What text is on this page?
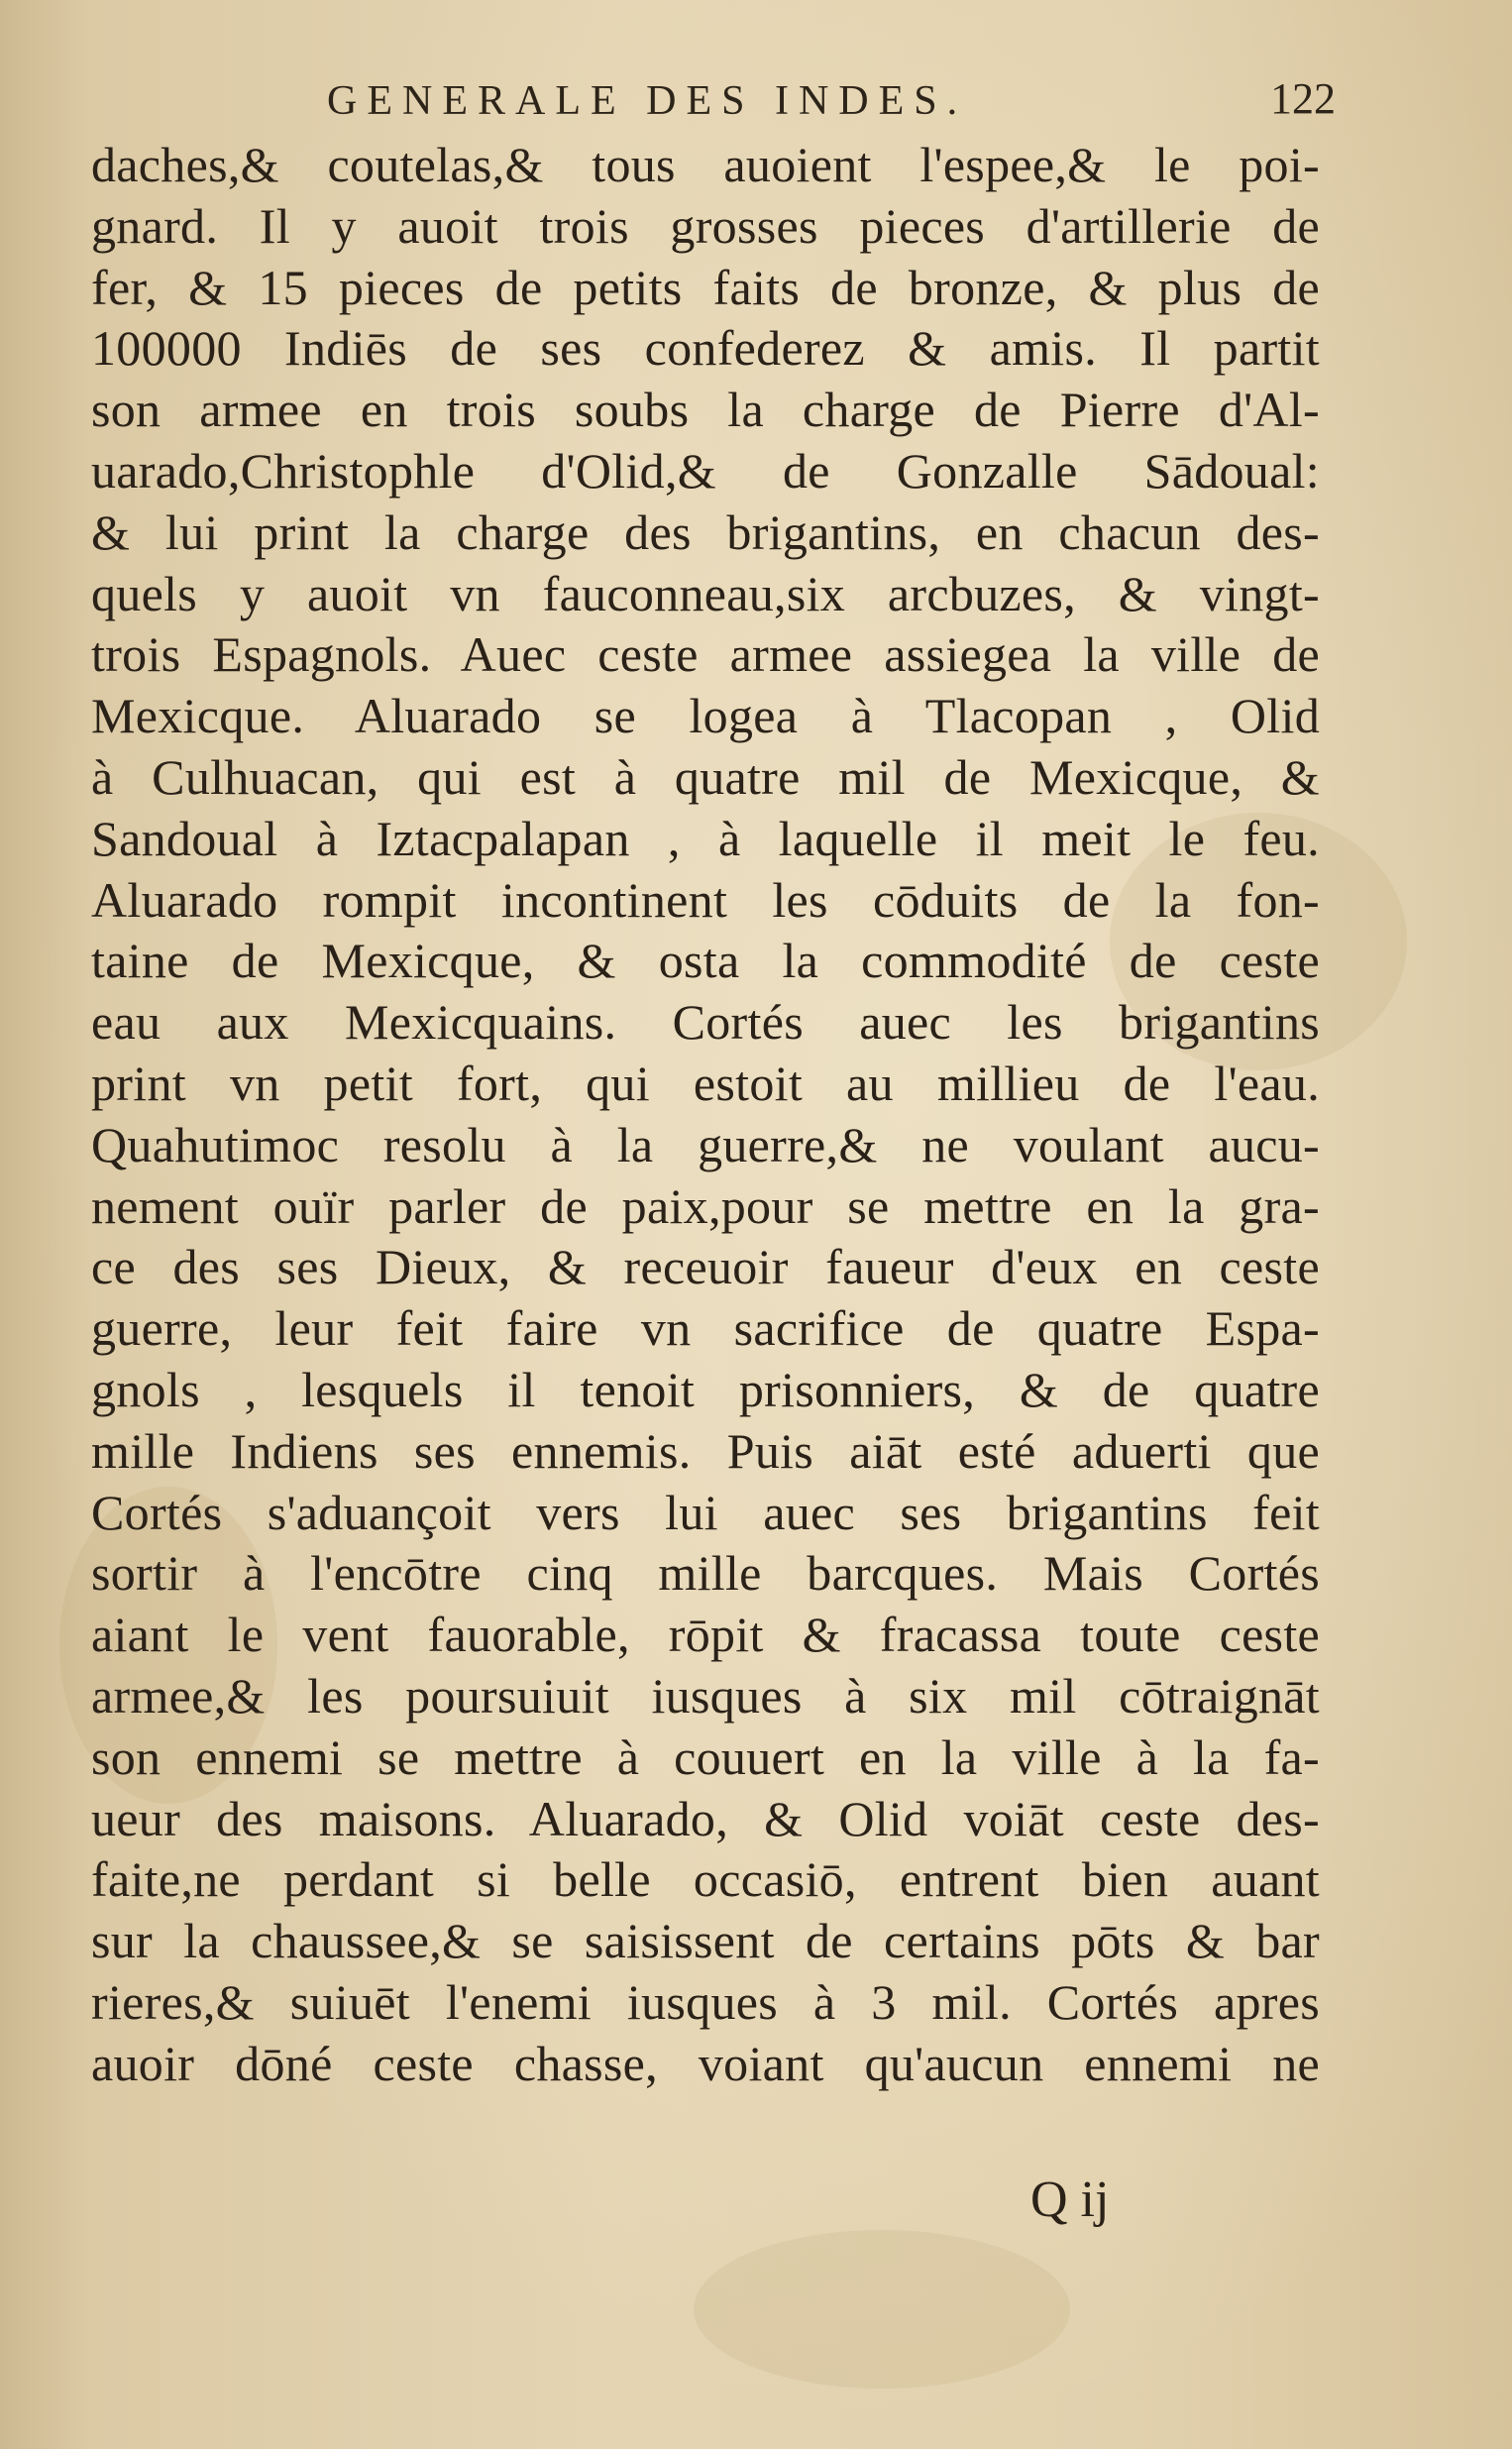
GENERALE DES INDES.	122
daches,& coutelas,& tous auoient l'espee,& le poi-
gnard. Il y auoit trois grosses pieces d'artillerie de
fer, & 15 pieces de petits faits de bronze, & plus de
100000 Indiēs de ses confederez & amis. Il partit
son armee en trois soubs la charge de Pierre d'Al-
uarado,Christophle d'Olid,& de Gonzalle Sādoual:
& lui print la charge des brigantins, en chacun des-
quels y auoit vn fauconneau,six arcbuzes, & vingt-
trois Espagnols. Auec ceste armee assiegea la ville de
Mexicque. Aluarado se logea à Tlacopan , Olid
à Culhuacan, qui est à quatre mil de Mexicque, &
Sandoual à Iztacpalapan , à laquelle il meit le feu.
Aluarado rompit incontinent les cōduits de la fon-
taine de Mexicque, & osta la commodité de ceste
eau aux Mexicquains. Cortés auec les brigantins
print vn petit fort, qui estoit au millieu de l'eau.
Quahutimoc resolu à la guerre,& ne voulant aucu-
nement ouïr parler de paix,pour se mettre en la gra-
ce des ses Dieux, & receuoir faueur d'eux en ceste
guerre, leur feit faire vn sacrifice de quatre Espa-
gnols , lesquels il tenoit prisonniers, & de quatre
mille Indiens ses ennemis. Puis aiāt esté aduerti que
Cortés s'aduançoit vers lui auec ses brigantins feit
sortir à l'encōtre cinq mille barcques. Mais Cortés
aiant le vent fauorable, rōpit & fracassa toute ceste
armee,& les poursuiuit iusques à six mil cōtraignāt
son ennemi se mettre à couuert en la ville à la fa-
ueur des maisons. Aluarado, & Olid voiāt ceste des-
faite,ne perdant si belle occasiō, entrent bien auant
sur la chaussee,& se saisissent de certains pōts & bar
rieres,& suiuēt l'enemi iusques à 3 mil. Cortés apres
auoir dōné ceste chasse, voiant qu'aucun ennemi ne
Q ij
